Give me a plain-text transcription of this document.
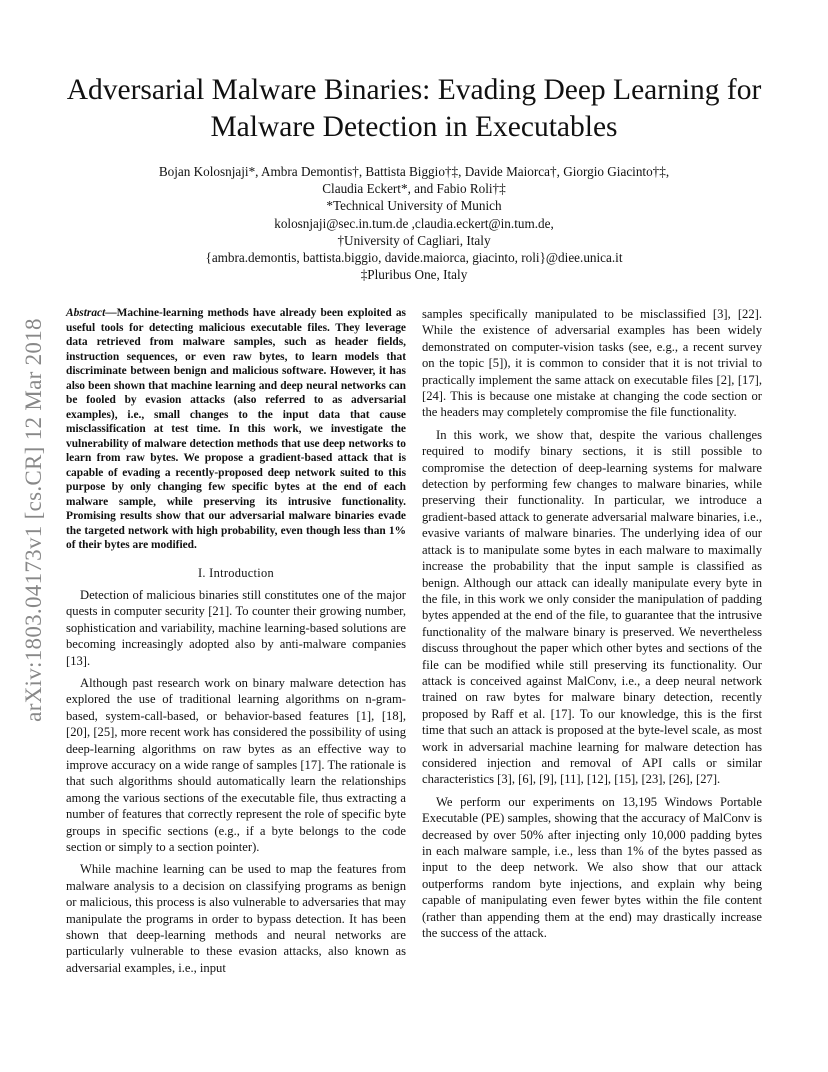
arXiv:1803.04173v1 [cs.CR] 12 Mar 2018
Adversarial Malware Binaries: Evading Deep Learning for Malware Detection in Executables
Bojan Kolosnjaji*, Ambra Demontis†, Battista Biggio†‡, Davide Maiorca†, Giorgio Giacinto†‡,
Claudia Eckert*, and Fabio Roli†‡
*Technical University of Munich
kolosnjaji@sec.in.tum.de ,claudia.eckert@in.tum.de,
†University of Cagliari, Italy
{ambra.demontis, battista.biggio, davide.maiorca, giacinto, roli}@diee.unica.it
‡Pluribus One, Italy

Abstract—Machine-learning methods have already been exploited as useful tools for detecting malicious executable files. They leverage data retrieved from malware samples, such as header fields, instruction sequences, or even raw bytes, to learn models that discriminate between benign and malicious software. However, it has also been shown that machine learning and deep neural networks can be fooled by evasion attacks (also referred to as adversarial examples), i.e., small changes to the input data that cause misclassification at test time. In this work, we investigate the vulnerability of malware detection methods that use deep networks to learn from raw bytes. We propose a gradient-based attack that is capable of evading a recently-proposed deep network suited to this purpose by only changing few specific bytes at the end of each malware sample, while preserving its intrusive functionality. Promising results show that our adversarial malware binaries evade the targeted network with high probability, even though less than 1% of their bytes are modified.

I. Introduction

Detection of malicious binaries still constitutes one of the major quests in computer security [21]. To counter their growing number, sophistication and variability, machine learning-based solutions are becoming increasingly adopted also by anti-malware companies [13].

Although past research work on binary malware detection has explored the use of traditional learning algorithms on n-gram-based, system-call-based, or behavior-based features [1], [18], [20], [25], more recent work has considered the possibility of using deep-learning algorithms on raw bytes as an effective way to improve accuracy on a wide range of samples [17]. The rationale is that such algorithms should automatically learn the relationships among the various sections of the executable file, thus extracting a number of features that correctly represent the role of specific byte groups in specific sections (e.g., if a byte belongs to the code section or simply to a section pointer).

While machine learning can be used to map the features from malware analysis to a decision on classifying programs as benign or malicious, this process is also vulnerable to adversaries that may manipulate the programs in order to bypass detection. It has been shown that deep-learning methods and neural networks are particularly vulnerable to these evasion attacks, also known as adversarial examples, i.e., input

samples specifically manipulated to be misclassified [3], [22]. While the existence of adversarial examples has been widely demonstrated on computer-vision tasks (see, e.g., a recent survey on the topic [5]), it is common to consider that it is not trivial to practically implement the same attack on executable files [2], [17], [24]. This is because one mistake at changing the code section or the headers may completely compromise the file functionality.

In this work, we show that, despite the various challenges required to modify binary sections, it is still possible to compromise the detection of deep-learning systems for malware detection by performing few changes to malware binaries, while preserving their functionality. In particular, we introduce a gradient-based attack to generate adversarial malware binaries, i.e., evasive variants of malware binaries. The underlying idea of our attack is to manipulate some bytes in each malware to maximally increase the probability that the input sample is classified as benign. Although our attack can ideally manipulate every byte in the file, in this work we only consider the manipulation of padding bytes appended at the end of the file, to guarantee that the intrusive functionality of the malware binary is preserved. We nevertheless discuss throughout the paper which other bytes and sections of the file can be modified while still preserving its functionality. Our attack is conceived against MalConv, i.e., a deep neural network trained on raw bytes for malware binary detection, recently proposed by Raff et al. [17]. To our knowledge, this is the first time that such an attack is proposed at the byte-level scale, as most work in adversarial machine learning for malware detection has considered injection and removal of API calls or similar characteristics [3], [6], [9], [11], [12], [15], [23], [26], [27].

We perform our experiments on 13,195 Windows Portable Executable (PE) samples, showing that the accuracy of MalConv is decreased by over 50% after injecting only 10,000 padding bytes in each malware sample, i.e., less than 1% of the bytes passed as input to the deep network. We also show that our attack outperforms random byte injections, and explain why being capable of manipulating even fewer bytes within the file content (rather than appending them at the end) may drastically increase the success of the attack.
